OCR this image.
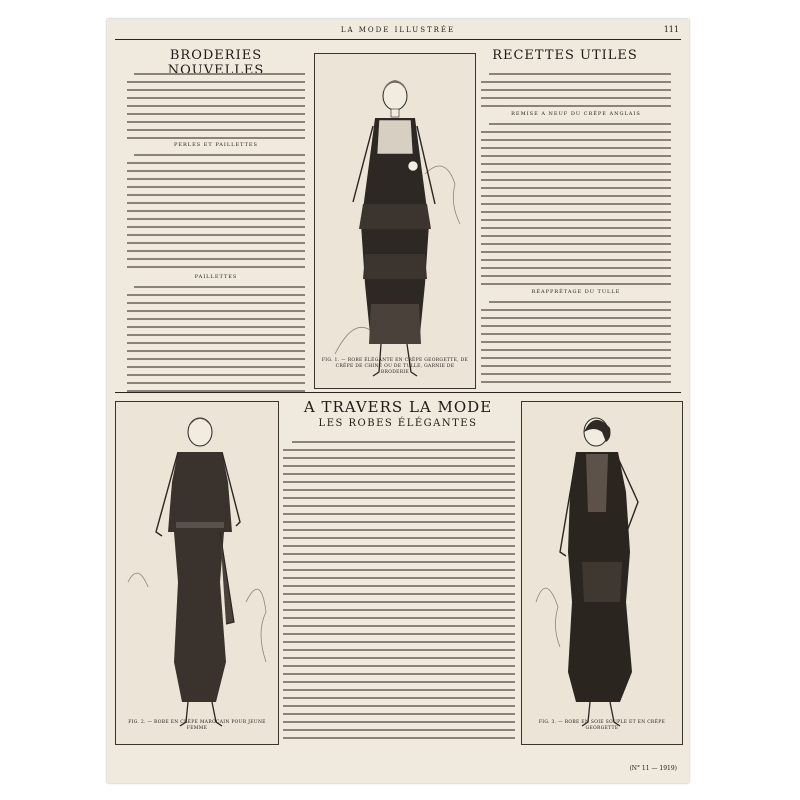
LA MODE ILLUSTRÉE	111
BRODERIES NOUVELLES
PERLES ET PAILLETTES
PAILLETTES
FIG. 1. — ROBE ÉLÉGANTE EN CRÊPE GEORGETTE, DE CRÊPE DE CHINE OU DE TULLE, GARNIE DE BRODERIE
RECETTES UTILES
REMISE A NEUF DU CRÊPE ANGLAIS
RÉAPPRÊTAGE DU TULLE
A TRAVERS LA MODE
LES ROBES ÉLÉGANTES
FIG. 2. — ROBE EN CRÊPE MAROCAIN POUR JEUNE FEMME
FIG. 3. — ROBE EN SOIE SOUPLE ET EN CRÊPE GEORGETTE
(N° 11 — 1919)
